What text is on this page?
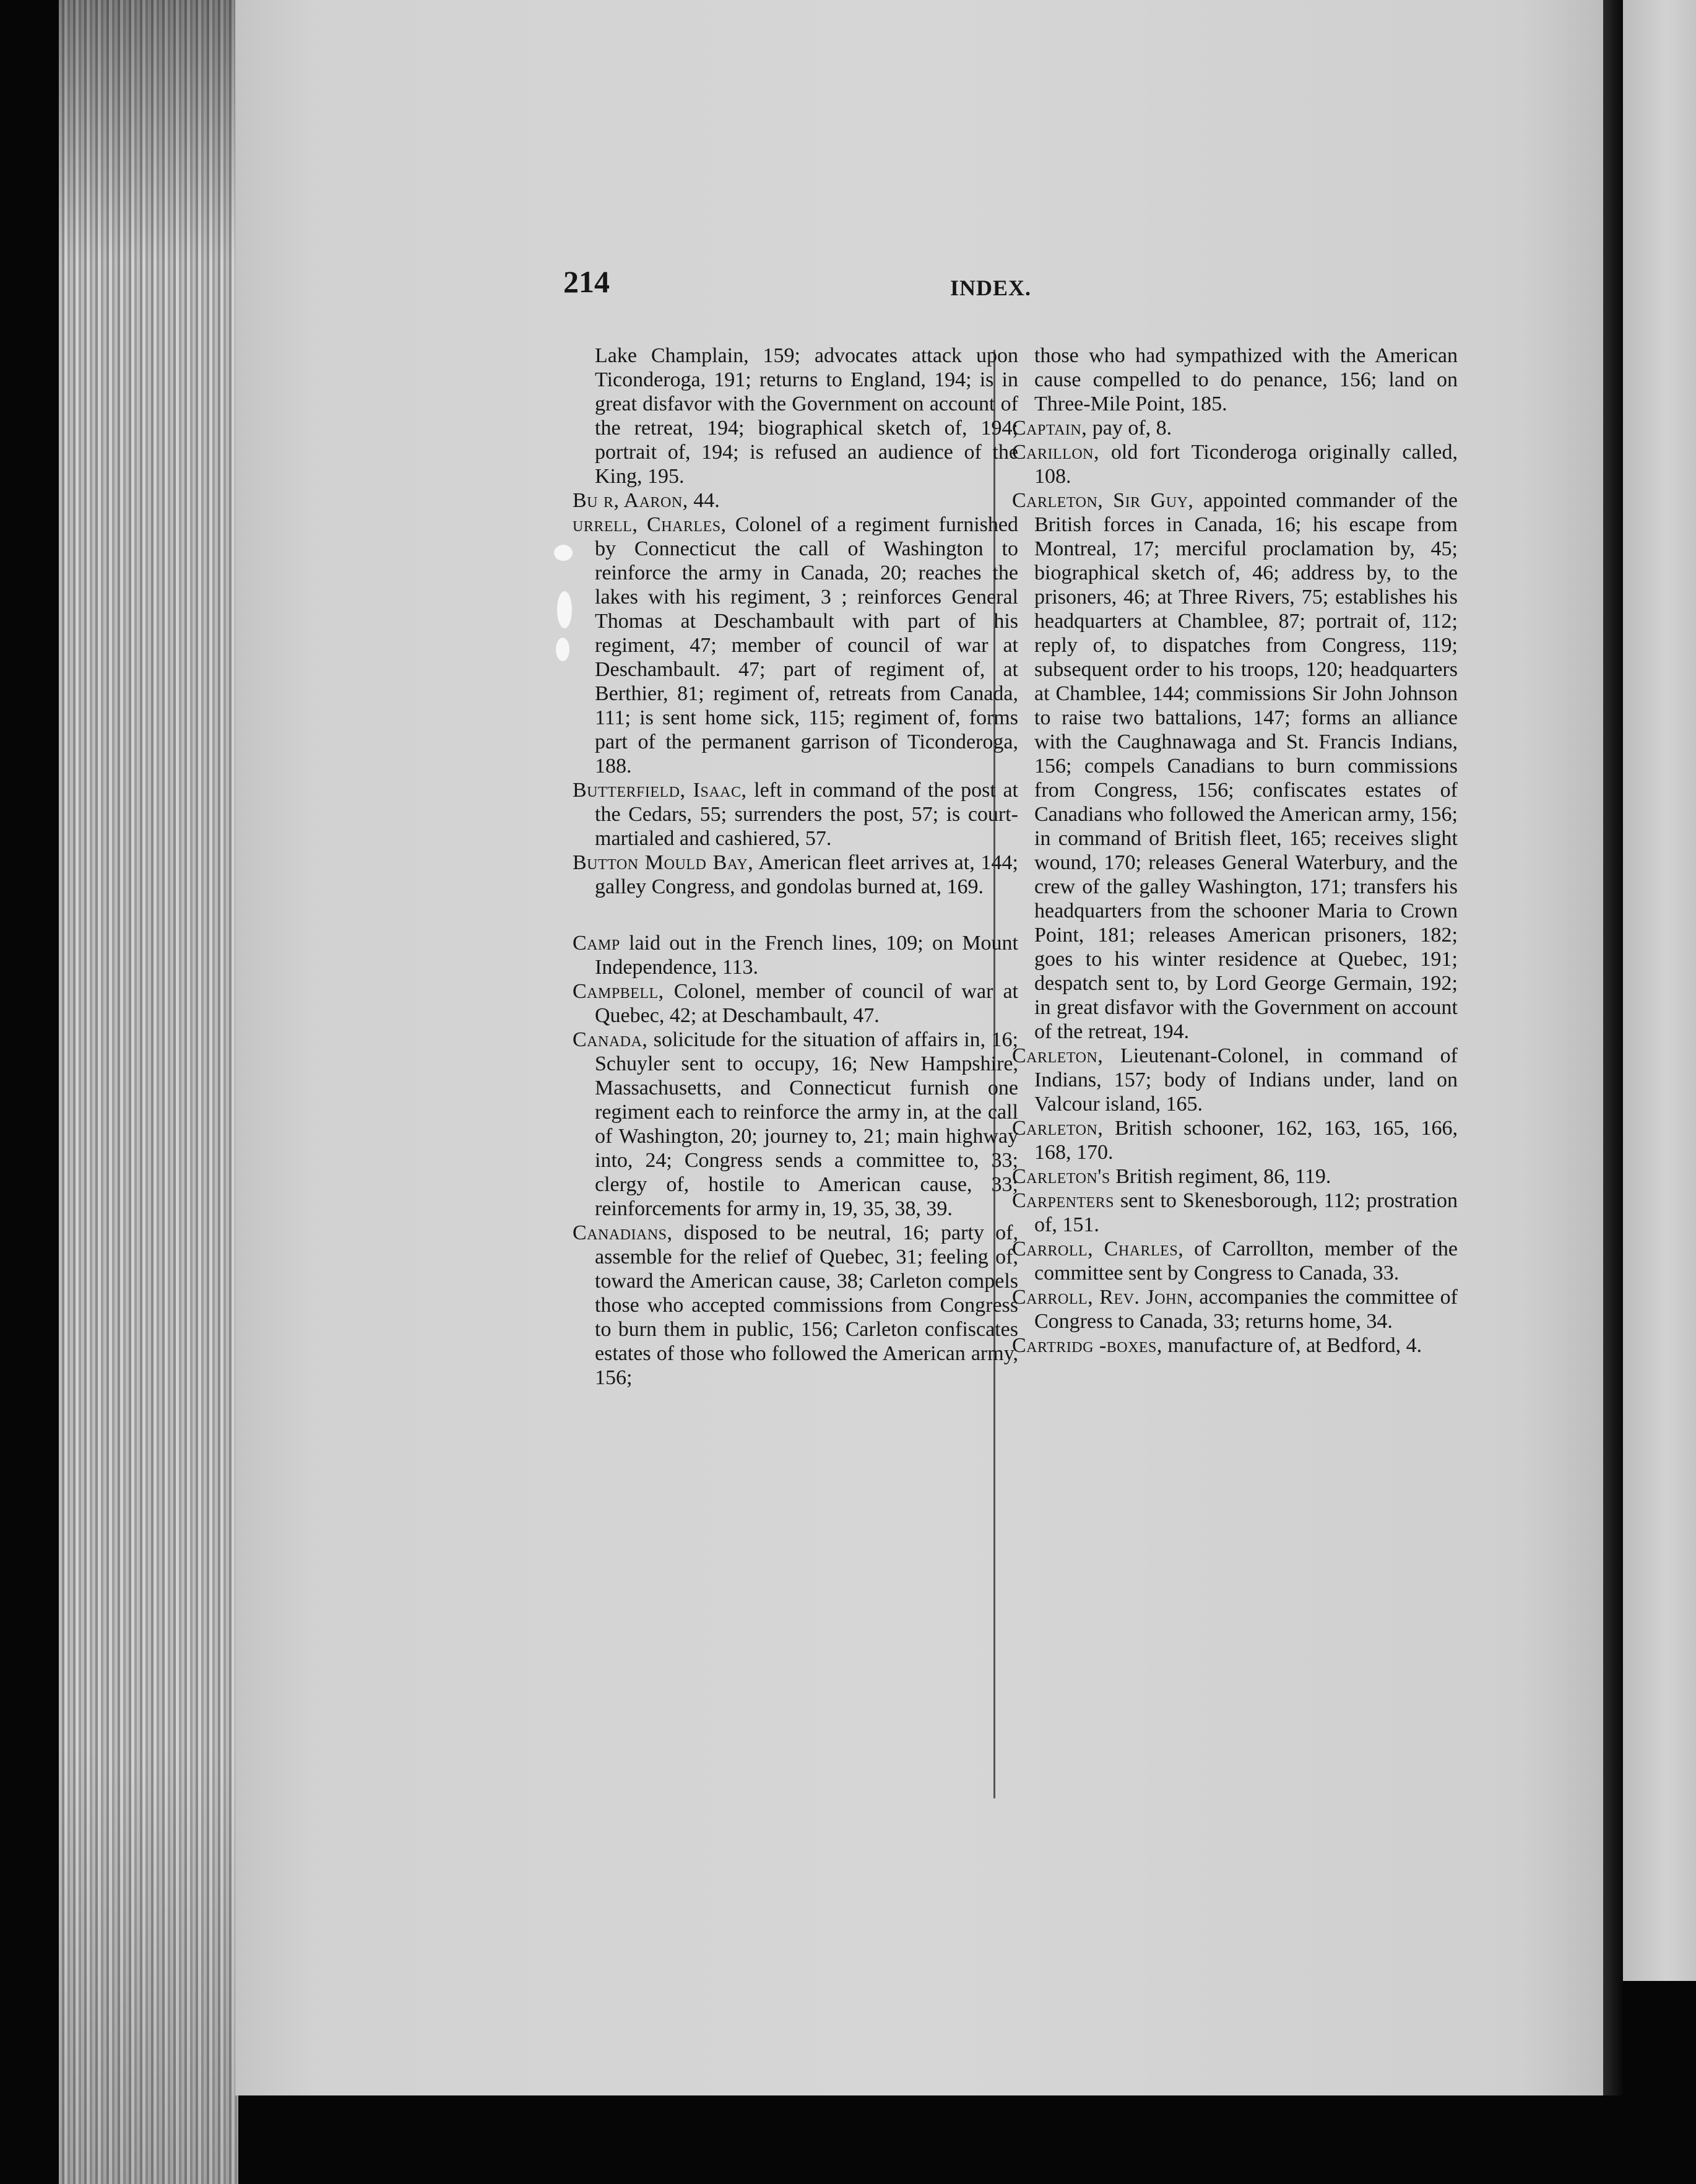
214	INDEX.

Lake Champlain, 159; advocates attack upon Ticonderoga, 191; returns to England, 194; is in great disfavor with the Government on account of the retreat, 194; biographical sketch of, 194; portrait of, 194; is refused an audience of the King, 195.

Bu r, Aaron, 44.

urrell, Charles, Colonel of a regiment furnished by Connecticut the call of Washington to reinforce the army in Canada, 20; reaches the lakes with his regiment, 3 ; reinforces General Thomas at Deschambault with part of his regiment, 47; member of council of war at Deschambault. 47; part of regiment of, at Berthier, 81; regiment of, retreats from Canada, 111; is sent home sick, 115; regiment of, forms part of the permanent garrison of Ticonderoga, 188.

Butterfield, Isaac, left in command of the post at the Cedars, 55; surrenders the post, 57; is court-martialed and cashiered, 57.

Button Mould Bay, American fleet arrives at, 144; galley Congress, and gondolas burned at, 169.

Camp laid out in the French lines, 109; on Mount Independence, 113.

Campbell, Colonel, member of council of war at Quebec, 42; at Deschambault, 47.

Canada, solicitude for the situation of affairs in, 16; Schuyler sent to occupy, 16; New Hampshire, Massachusetts, and Connecticut furnish one regiment each to reinforce the army in, at the call of Washington, 20; journey to, 21; main highway into, 24; Congress sends a committee to, 33; clergy of, hostile to American cause, 33; reinforcements for army in, 19, 35, 38, 39.

Canadians, disposed to be neutral, 16; party of, assemble for the relief of Quebec, 31; feeling of, toward the American cause, 38; Carleton compels those who accepted commissions from Congress to burn them in public, 156; Carleton confiscates estates of those who followed the American army, 156;

those who had sympathized with the American cause compelled to do penance, 156; land on Three-Mile Point, 185.

Captain, pay of, 8.

Carillon, old fort Ticonderoga originally called, 108.

Carleton, Sir Guy, appointed commander of the British forces in Canada, 16; his escape from Montreal, 17; merciful proclamation by, 45; biographical sketch of, 46; address by, to the prisoners, 46; at Three Rivers, 75; establishes his headquarters at Chamblee, 87; portrait of, 112; reply of, to dispatches from Congress, 119; subsequent order to his troops, 120; headquarters at Chamblee, 144; commissions Sir John Johnson to raise two battalions, 147; forms an alliance with the Caughnawaga and St. Francis Indians, 156; compels Canadians to burn commissions from Congress, 156; confiscates estates of Canadians who followed the American army, 156; in command of British fleet, 165; receives slight wound, 170; releases General Waterbury, and the crew of the galley Washington, 171; transfers his headquarters from the schooner Maria to Crown Point, 181; releases American prisoners, 182; goes to his winter residence at Quebec, 191; despatch sent to, by Lord George Germain, 192; in great disfavor with the Government on account of the retreat, 194.

Carleton, Lieutenant-Colonel, in command of Indians, 157; body of Indians under, land on Valcour island, 165.

Carleton, British schooner, 162, 163, 165, 166, 168, 170.

Carleton's British regiment, 86, 119.

Carpenters sent to Skenesborough, 112; prostration of, 151.

Carroll, Charles, of Carrollton, member of the committee sent by Congress to Canada, 33.

Carroll, Rev. John, accompanies the committee of Congress to Canada, 33; returns home, 34.

Cartridg -boxes, manufacture of, at Bedford, 4.
